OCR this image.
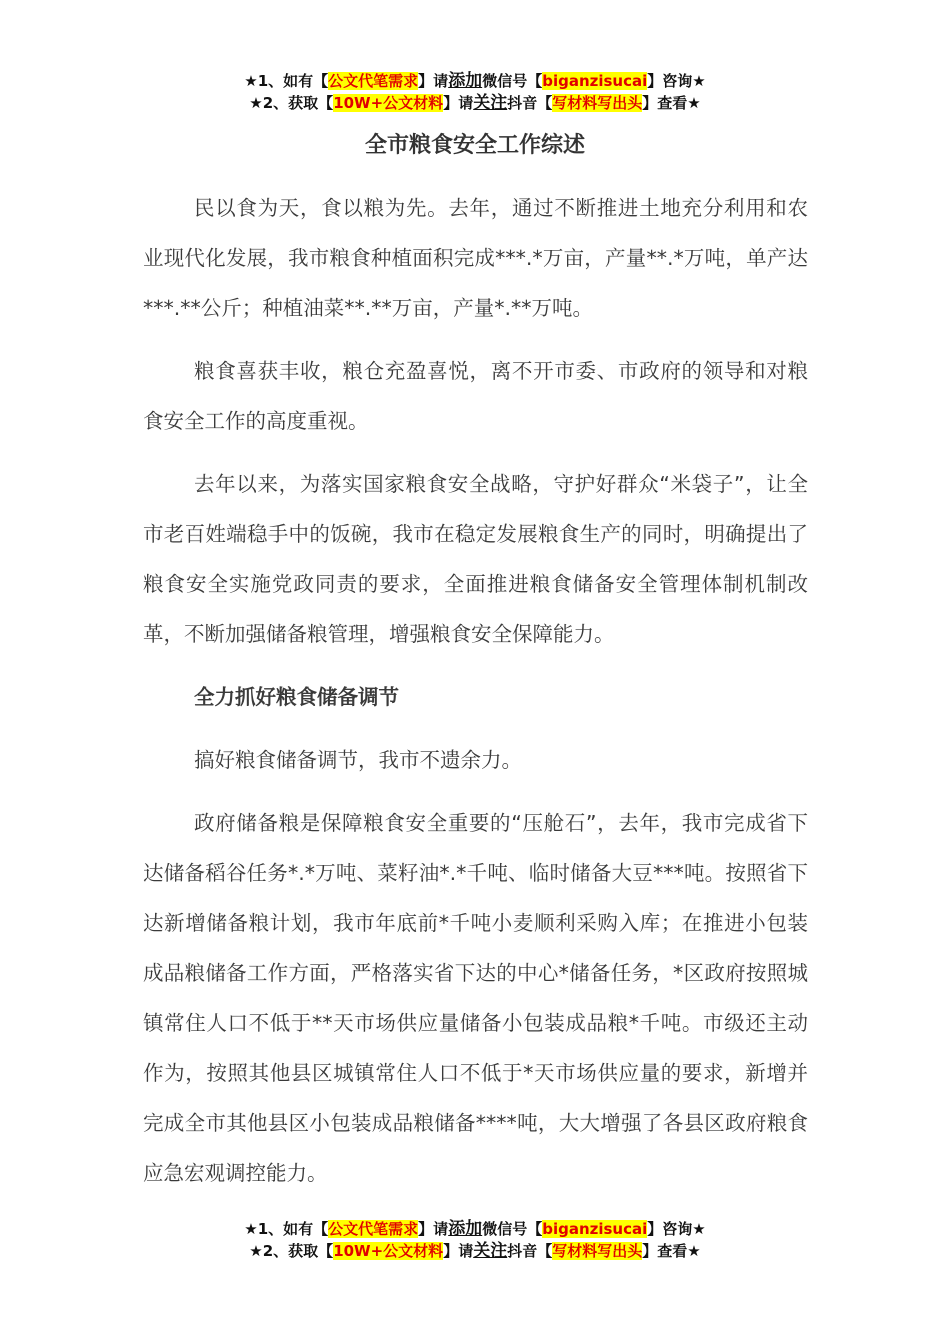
★1、如有【公文代笔需求】请添加微信号【biganzisucai】咨询★
★2、获取【10W+公文材料】请关注抖音【写材料写出头】查看★
全市粮食安全工作综述

民以食为天，食以粮为先。去年，通过不断推进土地充分利用和农业现代化发展，我市粮食种植面积完成***.*万亩，产量**.*万吨，单产达***.**公斤；种植油菜**.**万亩，产量*.**万吨。

粮食喜获丰收，粮仓充盈喜悦，离不开市委、市政府的领导和对粮食安全工作的高度重视。

去年以来，为落实国家粮食安全战略，守护好群众“米袋子”，让全市老百姓端稳手中的饭碗，我市在稳定发展粮食生产的同时，明确提出了粮食安全实施党政同责的要求，全面推进粮食储备安全管理体制机制改革，不断加强储备粮管理，增强粮食安全保障能力。

全力抓好粮食储备调节

搞好粮食储备调节，我市不遗余力。

政府储备粮是保障粮食安全重要的“压舱石”，去年，我市完成省下达储备稻谷任务*.*万吨、菜籽油*.*千吨、临时储备大豆***吨。按照省下达新增储备粮计划，我市年底前*千吨小麦顺利采购入库；在推进小包装成品粮储备工作方面，严格落实省下达的中心*储备任务，*区政府按照城镇常住人口不低于**天市场供应量储备小包装成品粮*千吨。市级还主动作为，按照其他县区城镇常住人口不低于*天市场供应量的要求，新增并完成全市其他县区小包装成品粮储备****吨，大大增强了各县区政府粮食应急宏观调控能力。

★1、如有【公文代笔需求】请添加微信号【biganzisucai】咨询★
★2、获取【10W+公文材料】请关注抖音【写材料写出头】查看★
